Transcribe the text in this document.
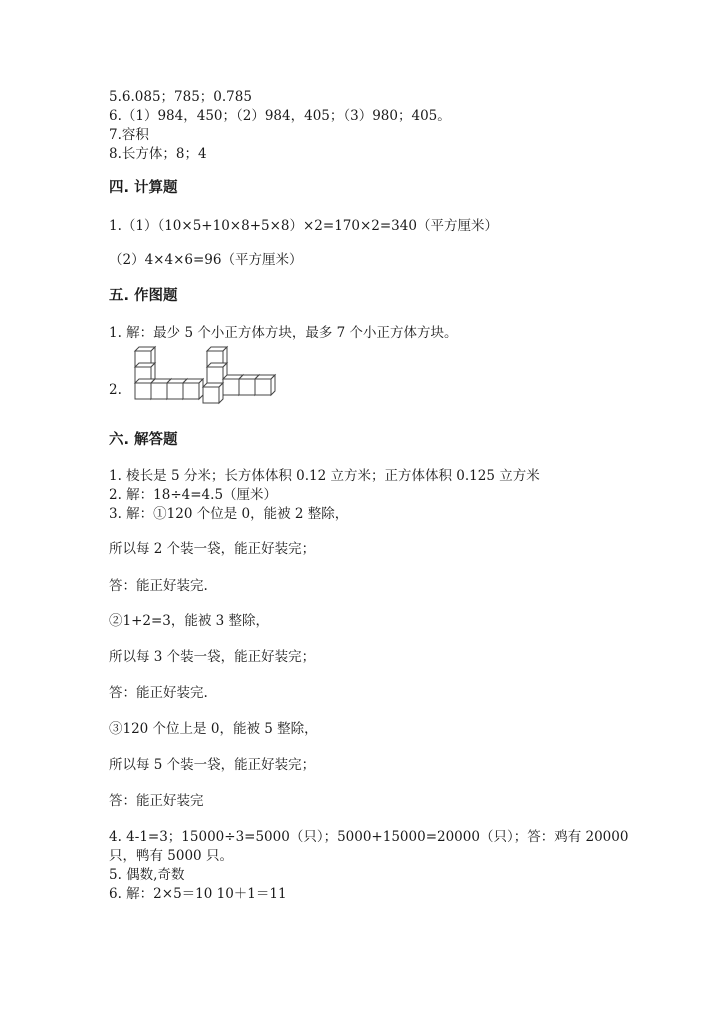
5.6.085；785；0.785
6.（1）984，450；（2）984，405；（3）980；405。
7.容积
8.长方体；8；4
四. 计算题
1.（1）（10×5+10×8+5×8）×2=170×2=340（平方厘米）
（2）4×4×6=96（平方厘米）
五. 作图题
1. 解：最少 5 个小正方体方块，最多 7 个小正方体方块。
2.
六. 解答题
1. 棱长是 5 分米；长方体体积 0.12 立方米；正方体体积 0.125 立方米
2. 解：18÷4=4.5（厘米）
3. 解：①120 个位是 0，能被 2 整除，
所以每 2 个装一袋，能正好装完；
答：能正好装完.
②1+2=3，能被 3 整除，
所以每 3 个装一袋，能正好装完；
答：能正好装完.
③120 个位上是 0，能被 5 整除，
所以每 5 个装一袋，能正好装完；
答：能正好装完
4. 4-1=3；15000÷3=5000（只）；5000+15000=20000（只）；答：鸡有 20000
只，鸭有 5000 只。
5. 偶数,奇数
6. 解：2×5＝10 10＋1＝11
